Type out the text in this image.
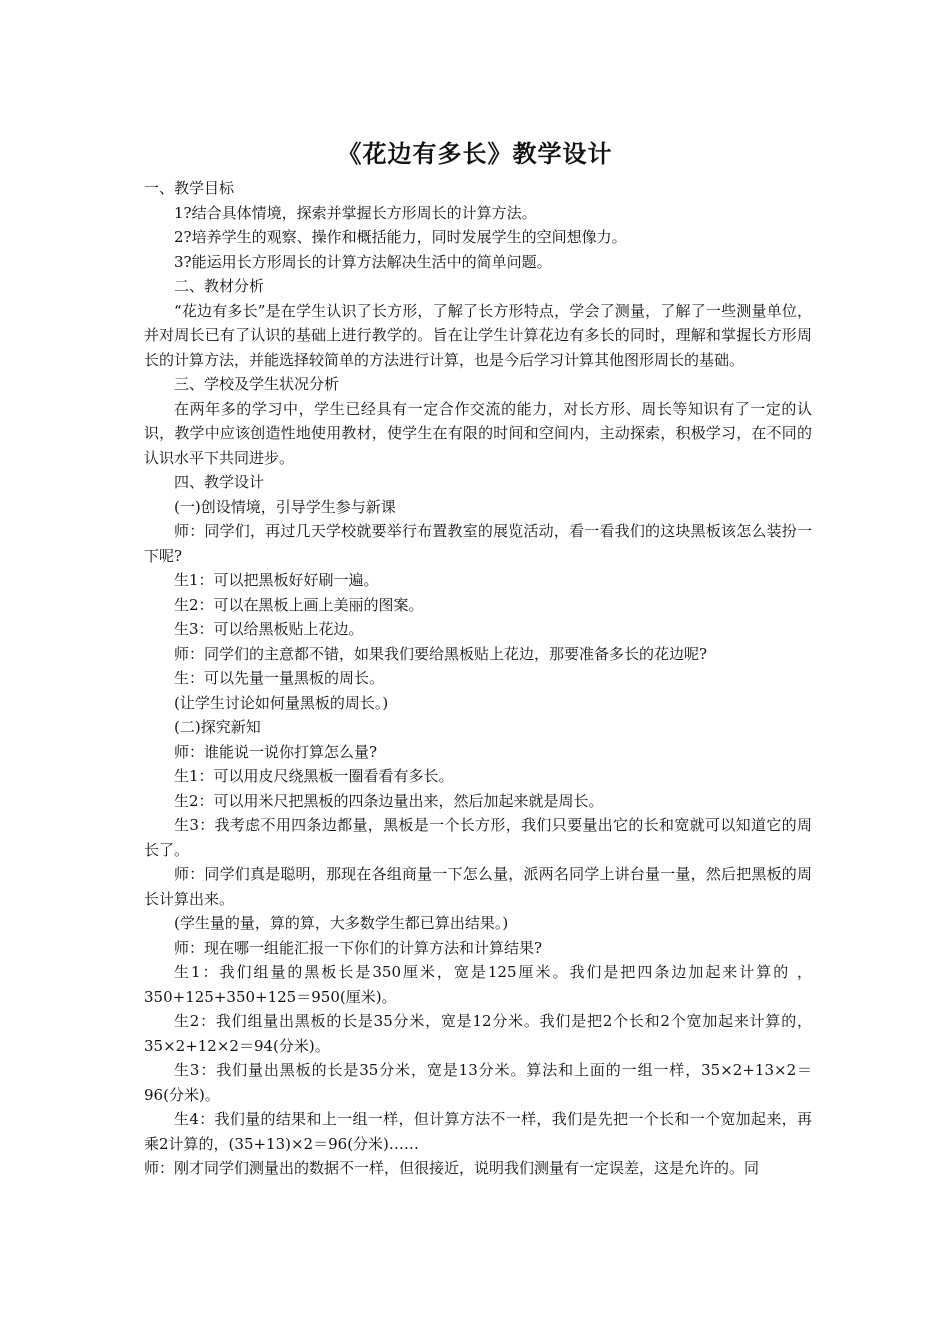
《花边有多长》教学设计

一、教学目标

1?结合具体情境，探索并掌握长方形周长的计算方法。

2?培养学生的观察、操作和概括能力，同时发展学生的空间想像力。

3?能运用长方形周长的计算方法解决生活中的简单问题。

二、教材分析

“花边有多长”是在学生认识了长方形，了解了长方形特点，学会了测量，了解了一些测量单位，并对周长已有了认识的基础上进行教学的。旨在让学生计算花边有多长的同时，理解和掌握长方形周长的计算方法，并能选择较简单的方法进行计算，也是今后学习计算其他图形周长的基础。

三、学校及学生状况分析

在两年多的学习中，学生已经具有一定合作交流的能力，对长方形、周长等知识有了一定的认识，教学中应该创造性地使用教材，使学生在有限的时间和空间内，主动探索，积极学习，在不同的认识水平下共同进步。

四、教学设计

(一)创设情境，引导学生参与新课

师：同学们，再过几天学校就要举行布置教室的展览活动，看一看我们的这块黑板该怎么装扮一下呢?

生1：可以把黑板好好刷一遍。

生2：可以在黑板上画上美丽的图案。

生3：可以给黑板贴上花边。

师：同学们的主意都不错，如果我们要给黑板贴上花边，那要准备多长的花边呢?

生：可以先量一量黑板的周长。

(让学生讨论如何量黑板的周长。)

(二)探究新知

师：谁能说一说你打算怎么量?

生1：可以用皮尺绕黑板一圈看看有多长。

生2：可以用米尺把黑板的四条边量出来，然后加起来就是周长。

生3：我考虑不用四条边都量，黑板是一个长方形，我们只要量出它的长和宽就可以知道它的周长了。

师：同学们真是聪明，那现在各组商量一下怎么量，派两名同学上讲台量一量，然后把黑板的周长计算出来。

(学生量的量，算的算，大多数学生都已算出结果。)

师：现在哪一组能汇报一下你们的计算方法和计算结果?

生1：我们组量的黑板长是350厘米，宽是125厘米。我们是把四条边加起来计算的 ，350+125+350+125＝950(厘米)。

生2：我们组量出黑板的长是35分米，宽是12分米。我们是把2个长和2个宽加起来计算的，35×2+12×2＝94(分米)。

生3：我们量出黑板的长是35分米，宽是13分米。算法和上面的一组一样，35×2+13×2＝96(分米)。

生4：我们量的结果和上一组一样，但计算方法不一样，我们是先把一个长和一个宽加起来，再乘2计算的，(35+13)×2＝96(分米)……

师：刚才同学们测量出的数据不一样，但很接近，说明我们测量有一定误差，这是允许的。同
